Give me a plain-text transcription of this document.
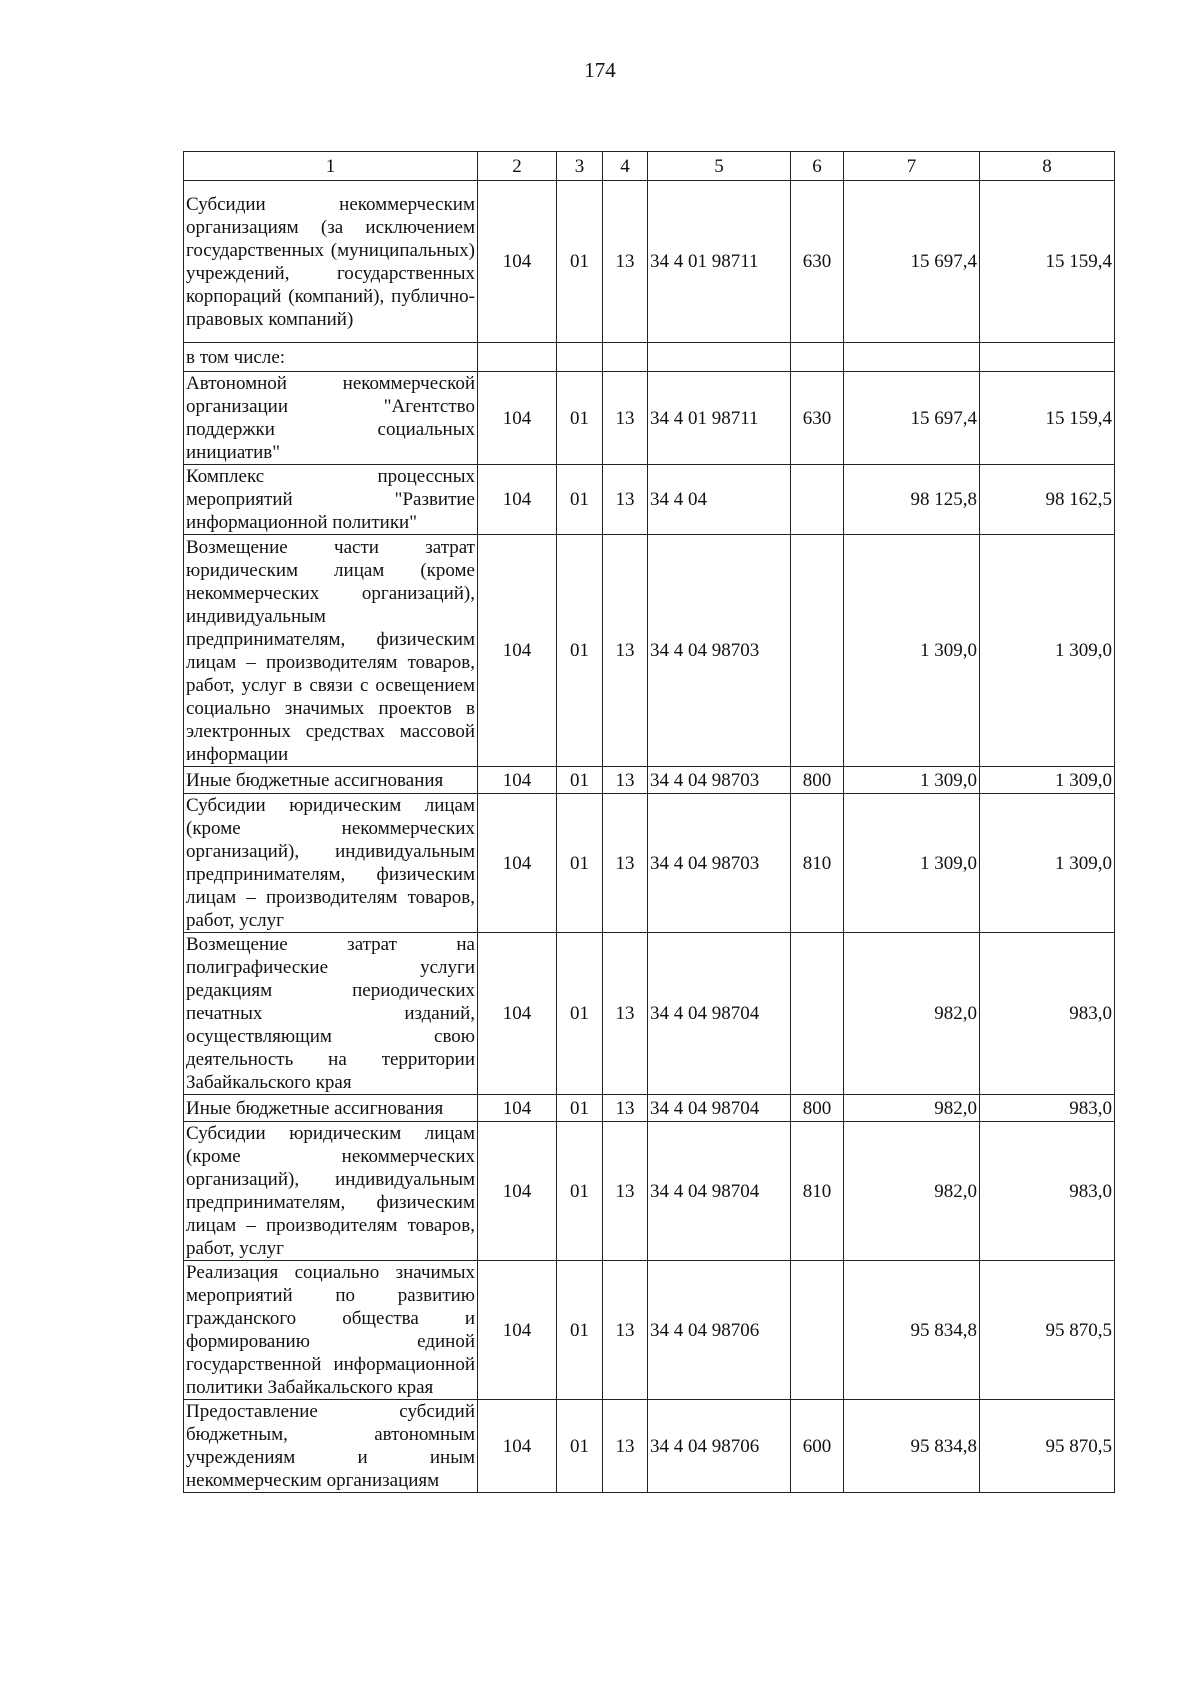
174
1	2	3	4	5	6	7	8
Субсидии некоммерческим организациям (за исключением государственных (муниципальных) учреждений, государственных корпораций (компаний), публично-правовых компаний)	104	01	13	34 4 01 98711	630	15 697,4	15 159,4
в том числе:							
Автономной некоммерческой организации "Агентство поддержки социальных инициатив"	104	01	13	34 4 01 98711	630	15 697,4	15 159,4
Комплекс процессных мероприятий "Развитие информационной политики"	104	01	13	34 4 04		98 125,8	98 162,5
Возмещение части затрат юридическим лицам (кроме некоммерческих организаций), индивидуальным предпринимателям, физическим лицам – производителям товаров, работ, услуг в связи с освещением социально значимых проектов в электронных средствах массовой информации	104	01	13	34 4 04 98703		1 309,0	1 309,0
Иные бюджетные ассигнования	104	01	13	34 4 04 98703	800	1 309,0	1 309,0
Субсидии юридическим лицам (кроме некоммерческих организаций), индивидуальным предпринимателям, физическим лицам – производителям товаров, работ, услуг	104	01	13	34 4 04 98703	810	1 309,0	1 309,0
Возмещение затрат на полиграфические услуги редакциям периодических печатных изданий, осуществляющим свою деятельность на территории Забайкальского края	104	01	13	34 4 04 98704		982,0	983,0
Иные бюджетные ассигнования	104	01	13	34 4 04 98704	800	982,0	983,0
Субсидии юридическим лицам (кроме некоммерческих организаций), индивидуальным предпринимателям, физическим лицам – производителям товаров, работ, услуг	104	01	13	34 4 04 98704	810	982,0	983,0
Реализация социально значимых мероприятий по развитию гражданского общества и формированию единой государственной информационной политики Забайкальского края	104	01	13	34 4 04 98706		95 834,8	95 870,5
Предоставление субсидий бюджетным, автономным учреждениям и иным некоммерческим организациям	104	01	13	34 4 04 98706	600	95 834,8	95 870,5
